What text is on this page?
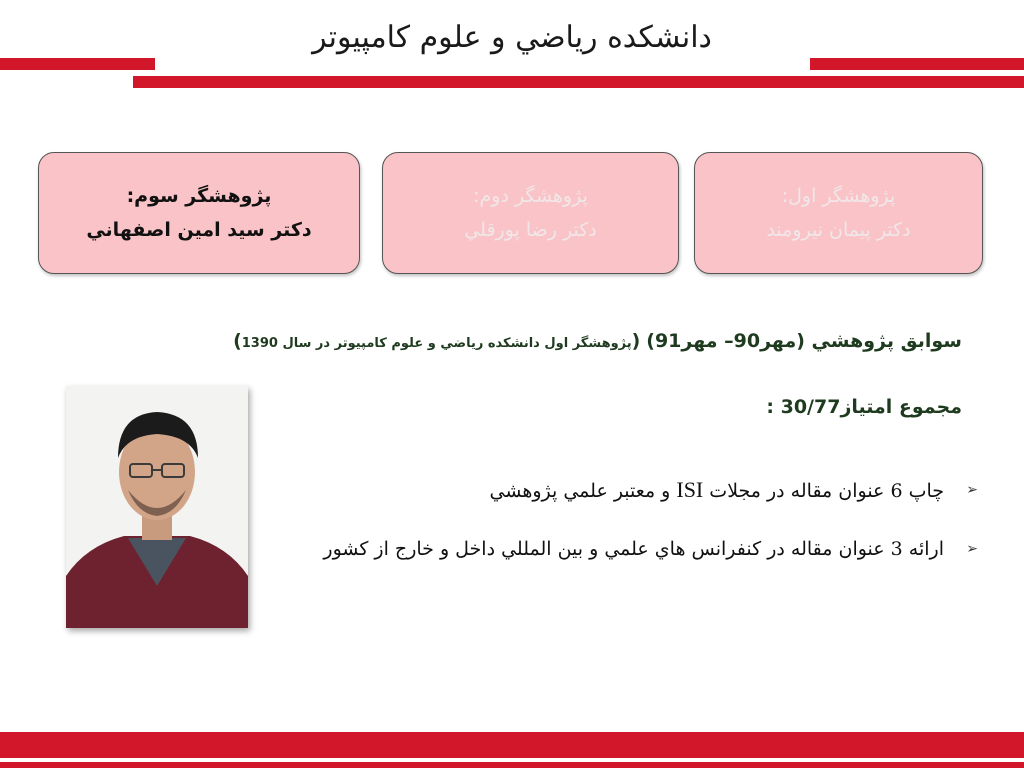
دانشکده رياضي و علوم کامپيوتر
پژوهشگر سوم:
دکتر سيد امين اصفهاني
پژوهشگر دوم:
دکتر رضا پورقلي
پژوهشگر اول:
دکتر پيمان نيرومند
سوابق پژوهشي (مهر90– مهر91) (پژوهشگر اول دانشکده رياضي و علوم کامپيوتر در سال 1390)
مجموع امتياز30/77 :
➢
چاپ 6 عنوان مقاله در مجلات ISI و معتبر علمي پژوهشي
➢
ارائه 3 عنوان مقاله در کنفرانس هاي علمي و بين المللي داخل و خارج از کشور
